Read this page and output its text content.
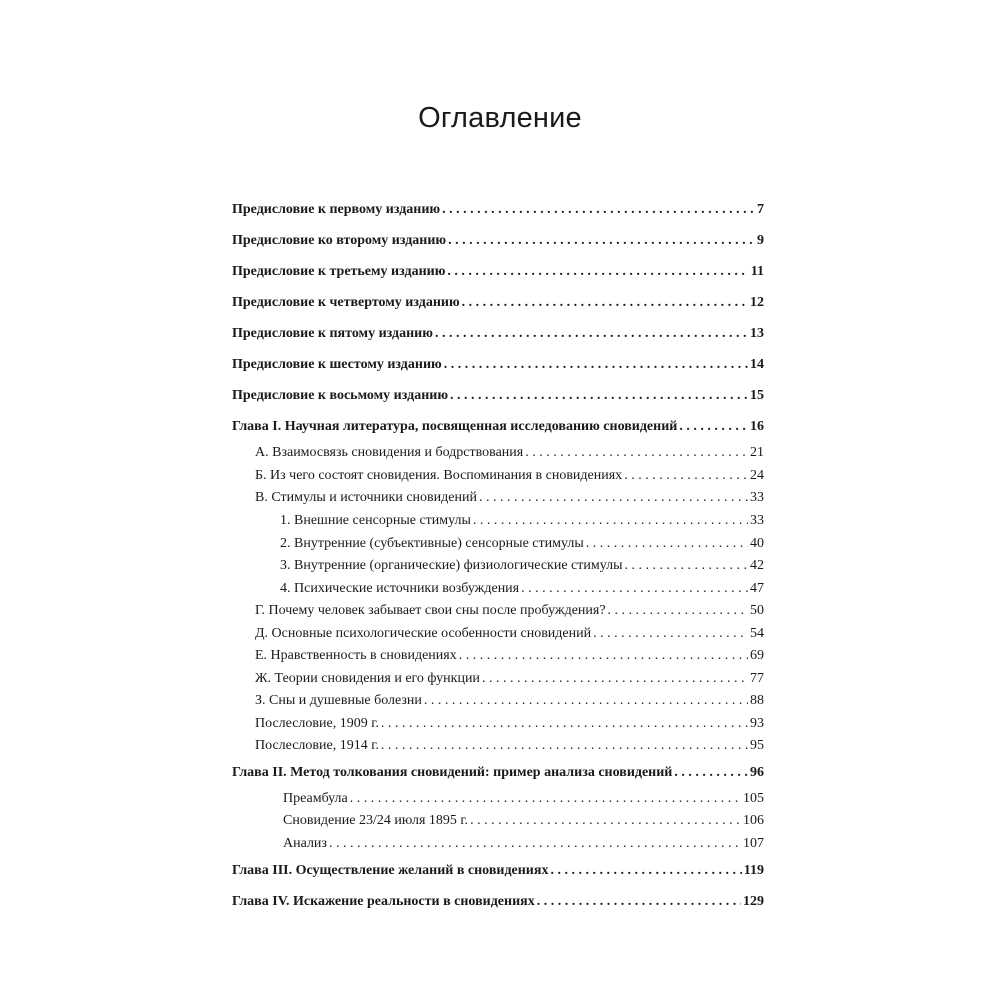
Оглавление
Предисловие к первому изданию . . .	7
Предисловие ко второму изданию . . .	9
Предисловие к третьему изданию . . .	11
Предисловие к четвертому изданию . . .	12
Предисловие к пятому изданию . . .	13
Предисловие к шестому изданию . . .	14
Предисловие к восьмому изданию . . .	15
Глава I. Научная литература, посвященная исследованию сновидений . . .	16
А. Взаимосвязь сновидения и бодрствования . . .	21
Б. Из чего состоят сновидения. Воспоминания в сновидениях . . .	24
В. Стимулы и источники сновидений . . .	33
1. Внешние сенсорные стимулы . . .	33
2. Внутренние (субъективные) сенсорные стимулы . . .	40
3. Внутренние (органические) физиологические стимулы . . .	42
4. Психические источники возбуждения . . .	47
Г. Почему человек забывает свои сны после пробуждения? . . .	50
Д. Основные психологические особенности сновидений . . .	54
Е. Нравственность в сновидениях . . .	69
Ж. Теории сновидения и его функции . . .	77
З. Сны и душевные болезни . . .	88
Послесловие, 1909 г. . . .	93
Послесловие, 1914 г. . . .	95
Глава II. Метод толкования сновидений: пример анализа сновидений . . .	96
Преамбула . . .	105
Сновидение 23/24 июля 1895 г. . . .	106
Анализ . . .	107
Глава III. Осуществление желаний в сновидениях . . .	119
Глава IV. Искажение реальности в сновидениях . . .	129
